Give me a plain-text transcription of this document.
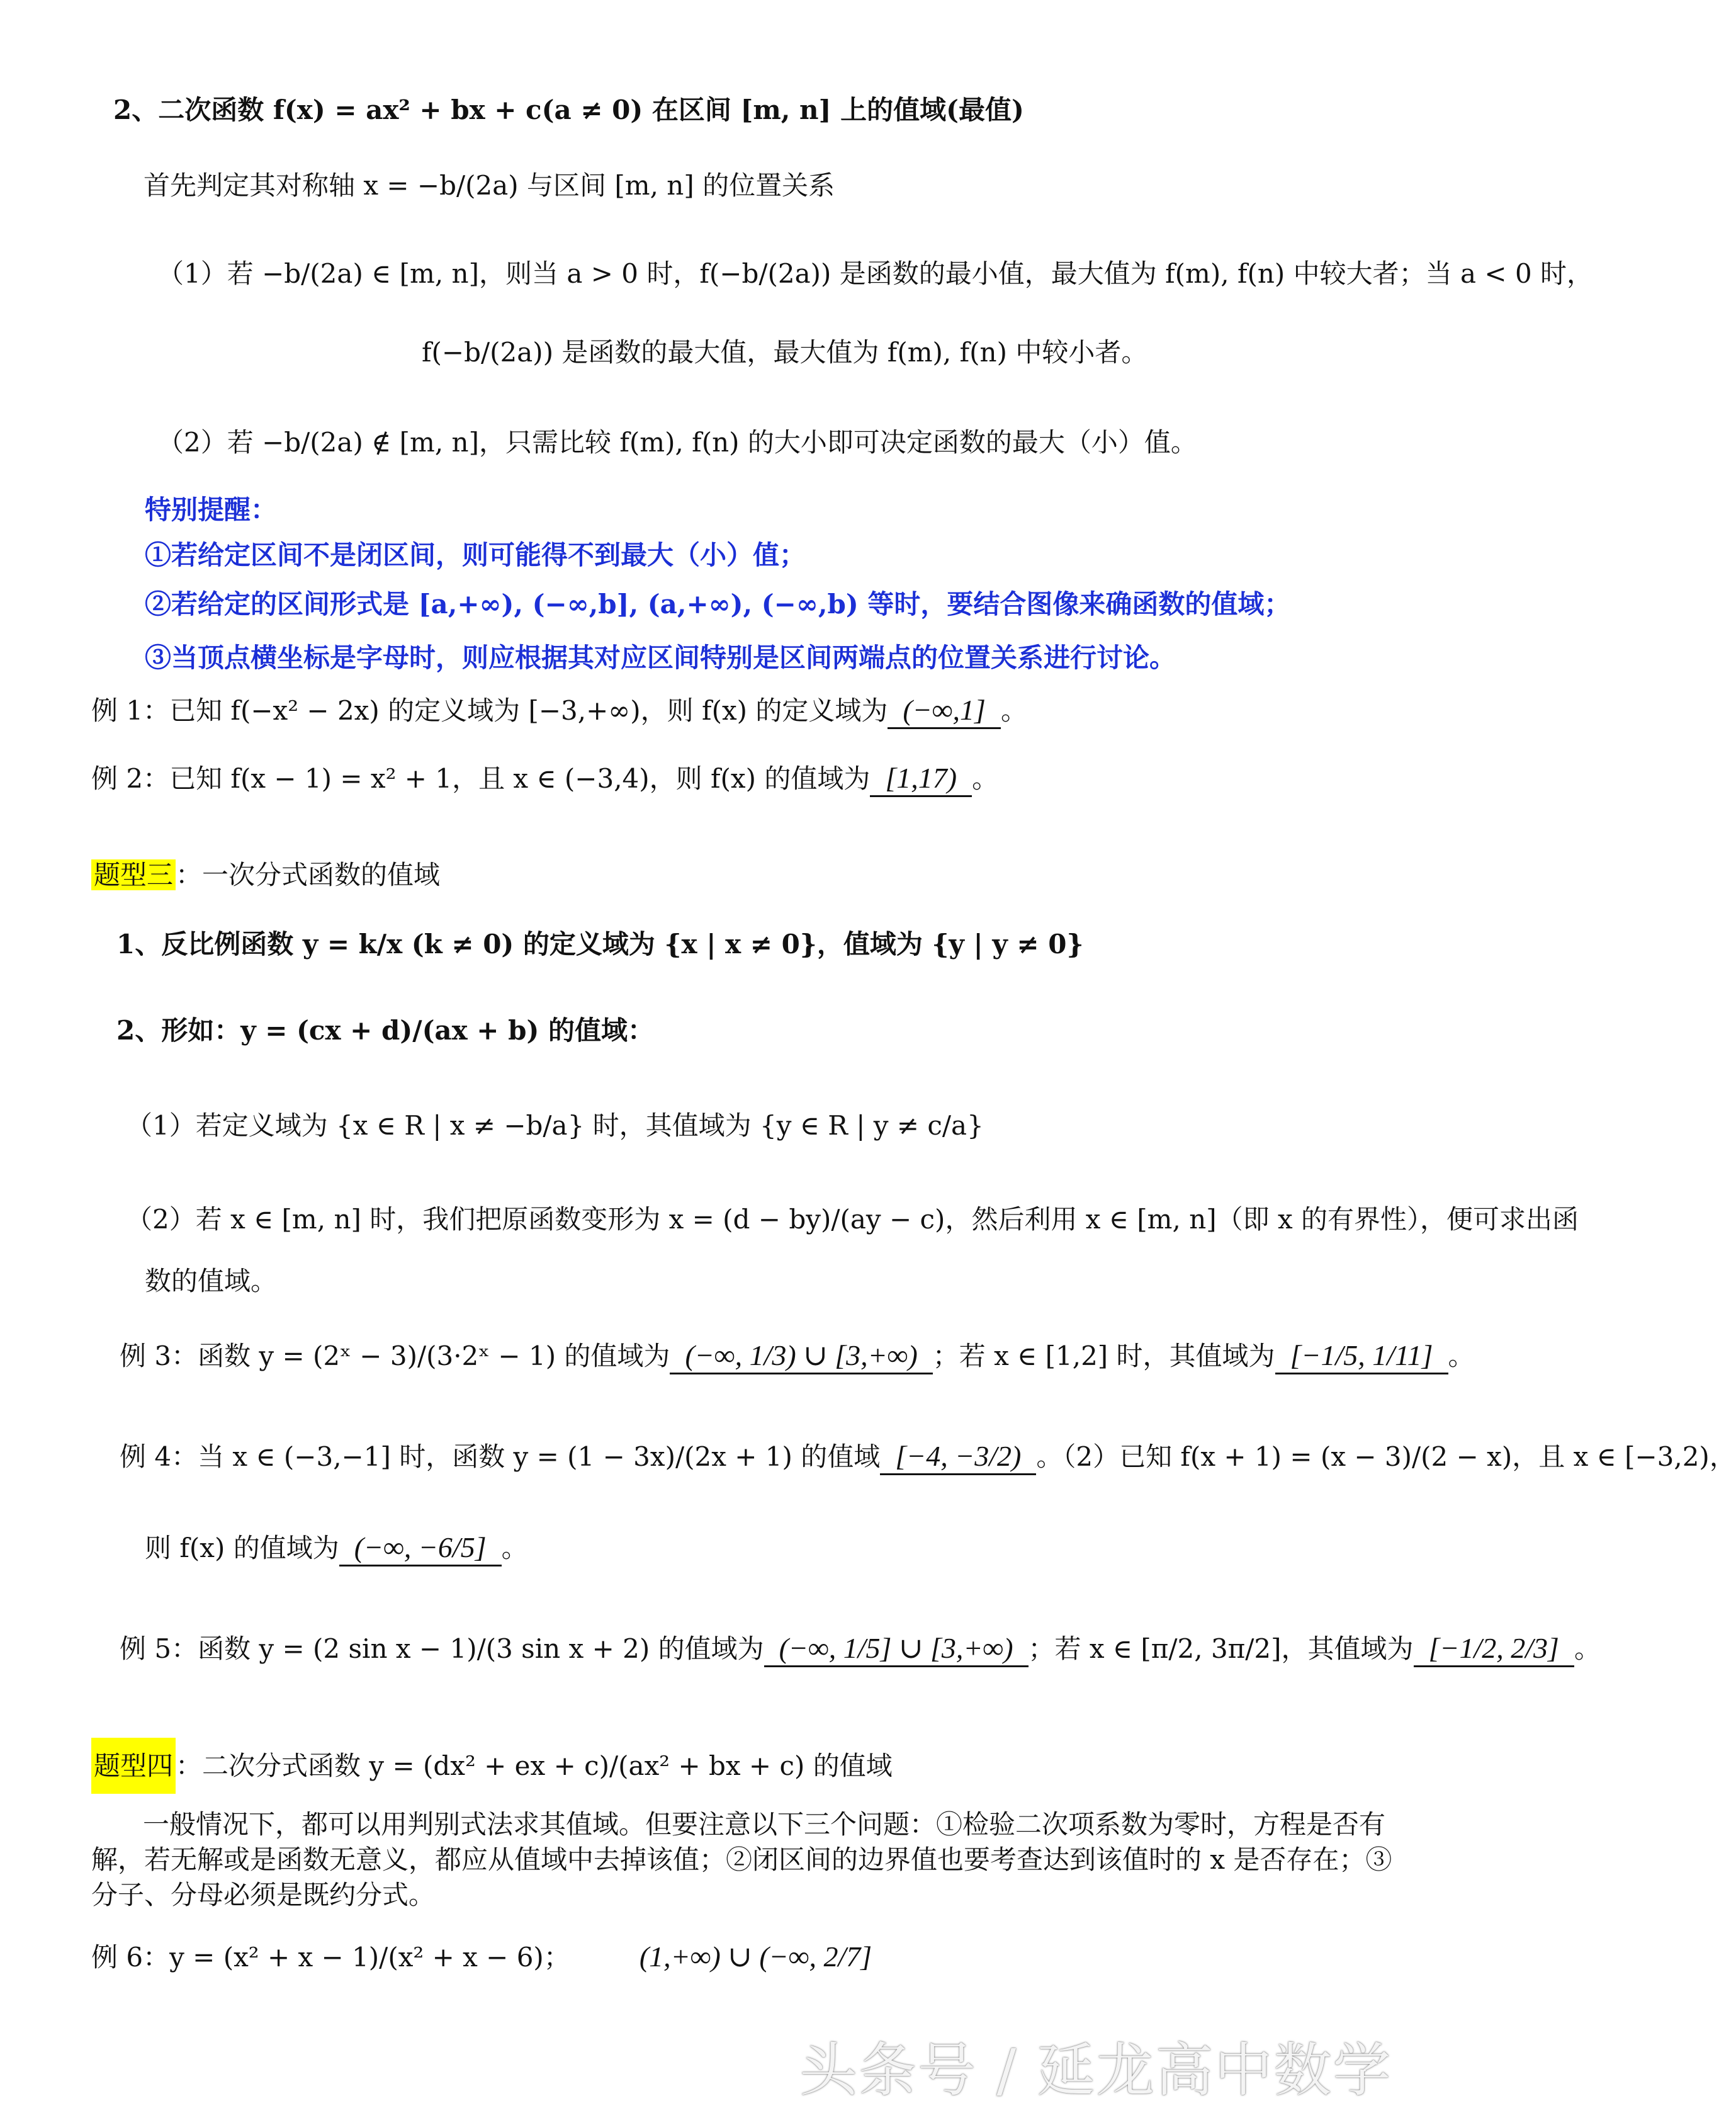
2、二次函数 f(x) = ax² + bx + c(a ≠ 0) 在区间 [m, n] 上的值域(最值)
首先判定其对称轴 x = −b/(2a) 与区间 [m, n] 的位置关系
（1）若 −b/(2a) ∈ [m, n]，则当 a > 0 时，f(−b/(2a)) 是函数的最小值，最大值为 f(m), f(n) 中较大者；当 a < 0 时，
f(−b/(2a)) 是函数的最大值，最大值为 f(m), f(n) 中较小者。
（2）若 −b/(2a) ∉ [m, n]，只需比较 f(m), f(n) 的大小即可决定函数的最大（小）值。
特别提醒：
①若给定区间不是闭区间，则可能得不到最大（小）值；
②若给定的区间形式是 [a,+∞), (−∞,b], (a,+∞), (−∞,b) 等时，要结合图像来确函数的值域；
③当顶点横坐标是字母时，则应根据其对应区间特别是区间两端点的位置关系进行讨论。
例 1：已知 f(−x² − 2x) 的定义域为 [−3,+∞)，则 f(x) 的定义域为 (−∞,1] 。
例 2：已知 f(x − 1) = x² + 1，且 x ∈ (−3,4)，则 f(x) 的值域为 [1,17) 。
题型三：一次分式函数的值域
1、反比例函数 y = k/x (k ≠ 0) 的定义域为 {x | x ≠ 0}，值域为 {y | y ≠ 0}
2、形如：y = (cx + d)/(ax + b) 的值域：
（1）若定义域为 {x ∈ R | x ≠ −b/a} 时，其值域为 {y ∈ R | y ≠ c/a}
（2）若 x ∈ [m, n] 时，我们把原函数变形为 x = (d − by)/(ay − c)，然后利用 x ∈ [m, n]（即 x 的有界性），便可求出函
数的值域。
例 3：函数 y = (2ˣ − 3)/(3·2ˣ − 1) 的值域为 (−∞, 1/3) ∪ [3,+∞) ；若 x ∈ [1,2] 时，其值域为 [−1/5, 1/11] 。
例 4：当 x ∈ (−3,−1] 时，函数 y = (1 − 3x)/(2x + 1) 的值域 [−4, −3/2) 。（2）已知 f(x + 1) = (x − 3)/(2 − x)，且 x ∈ [−3,2)，
则 f(x) 的值域为 (−∞, −6/5] 。
例 5：函数 y = (2 sin x − 1)/(3 sin x + 2) 的值域为 (−∞, 1/5] ∪ [3,+∞) ；若 x ∈ [π/2, 3π/2]，其值域为 [−1/2, 2/3] 。
题型四：二次分式函数 y = (dx² + ex + c)/(ax² + bx + c) 的值域
一般情况下，都可以用判别式法求其值域。但要注意以下三个问题：①检验二次项系数为零时，方程是否有解，若无解或是函数无意义，都应从值域中去掉该值；②闭区间的边界值也要考查达到该值时的 x 是否存在；③分子、分母必须是既约分式。
例 6：y = (x² + x − 1)/(x² + x − 6)； (1,+∞) ∪ (−∞, 2/7]
头条号 / 延龙高中数学
